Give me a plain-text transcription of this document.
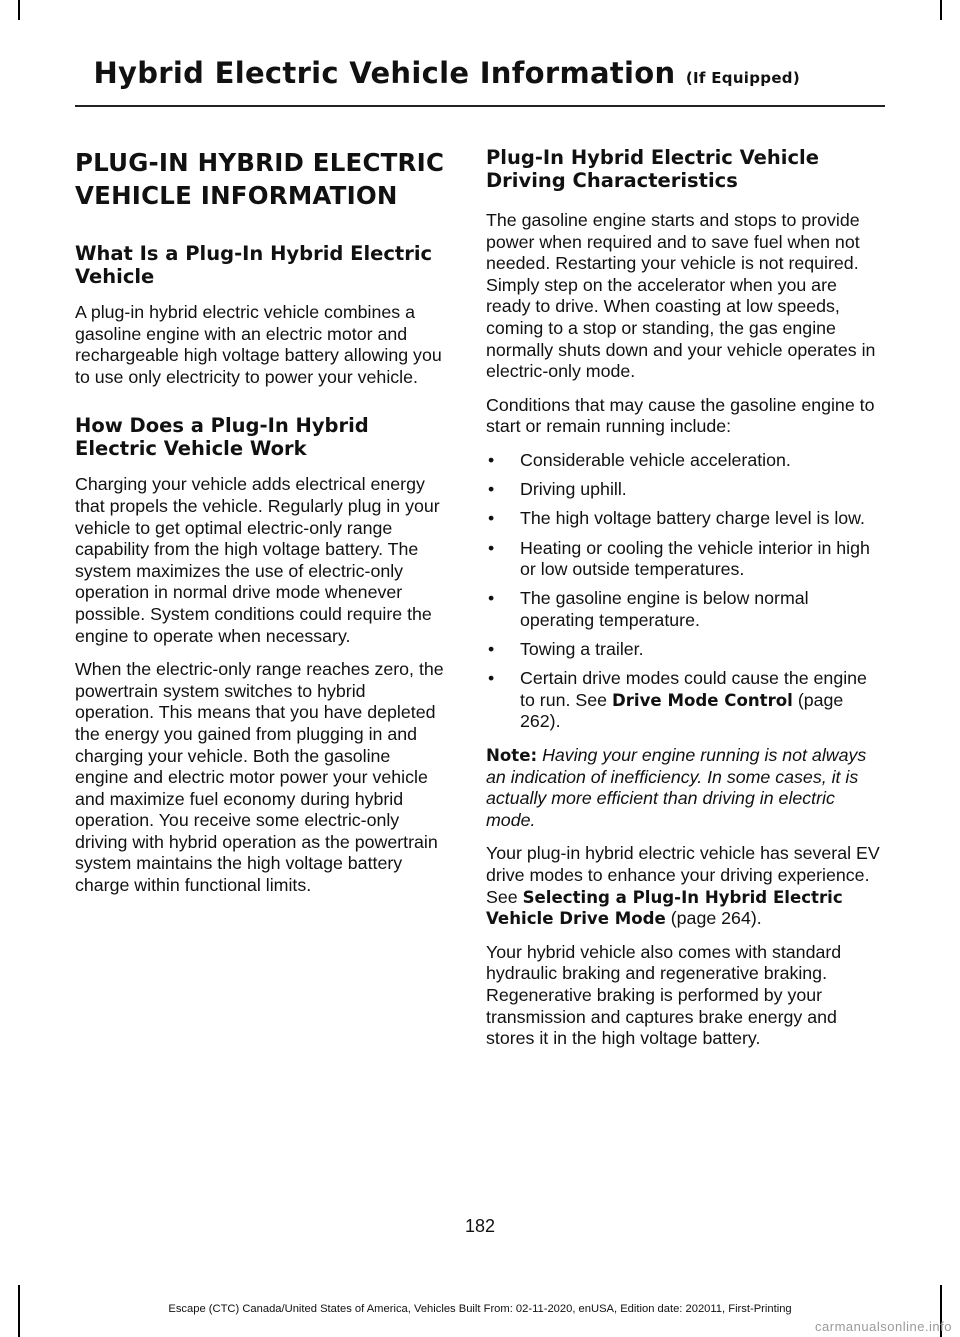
Hybrid Electric Vehicle Information (If Equipped)
PLUG-IN HYBRID ELECTRIC
VEHICLE INFORMATION
What Is a Plug-In Hybrid Electric Vehicle

A plug-in hybrid electric vehicle combines a gasoline engine with an electric motor and rechargeable high voltage battery allowing you to use only electricity to power your vehicle.

How Does a Plug-In Hybrid Electric Vehicle Work

Charging your vehicle adds electrical energy that propels the vehicle. Regularly plug in your vehicle to get optimal electric-only range capability from the high voltage battery. The system maximizes the use of electric-only operation in normal drive mode whenever possible. System conditions could require the engine to operate when necessary.

When the electric-only range reaches zero, the powertrain system switches to hybrid operation. This means that you have depleted the energy you gained from plugging in and charging your vehicle. Both the gasoline engine and electric motor power your vehicle and maximize fuel economy during hybrid operation. You receive some electric-only driving with hybrid operation as the powertrain system maintains the high voltage battery charge within functional limits.

Plug-In Hybrid Electric Vehicle Driving Characteristics

The gasoline engine starts and stops to provide power when required and to save fuel when not needed. Restarting your vehicle is not required. Simply step on the accelerator when you are ready to drive. When coasting at low speeds, coming to a stop or standing, the gas engine normally shuts down and your vehicle operates in electric-only mode.

Conditions that may cause the gasoline engine to start or remain running include:

• Considerable vehicle acceleration.
• Driving uphill.
• The high voltage battery charge level is low.
• Heating or cooling the vehicle interior in high or low outside temperatures.
• The gasoline engine is below normal operating temperature.
• Towing a trailer.
• Certain drive modes could cause the engine to run. See Drive Mode Control (page 262).

Note: Having your engine running is not always an indication of inefficiency. In some cases, it is actually more efficient than driving in electric mode.

Your plug-in hybrid electric vehicle has several EV drive modes to enhance your driving experience. See Selecting a Plug-In Hybrid Electric Vehicle Drive Mode (page 264).

Your hybrid vehicle also comes with standard hydraulic braking and regenerative braking. Regenerative braking is performed by your transmission and captures brake energy and stores it in the high voltage battery.

182
Escape (CTC) Canada/United States of America, Vehicles Built From: 02-11-2020, enUSA, Edition date: 202011, First-Printing
carmanualsonline.info
